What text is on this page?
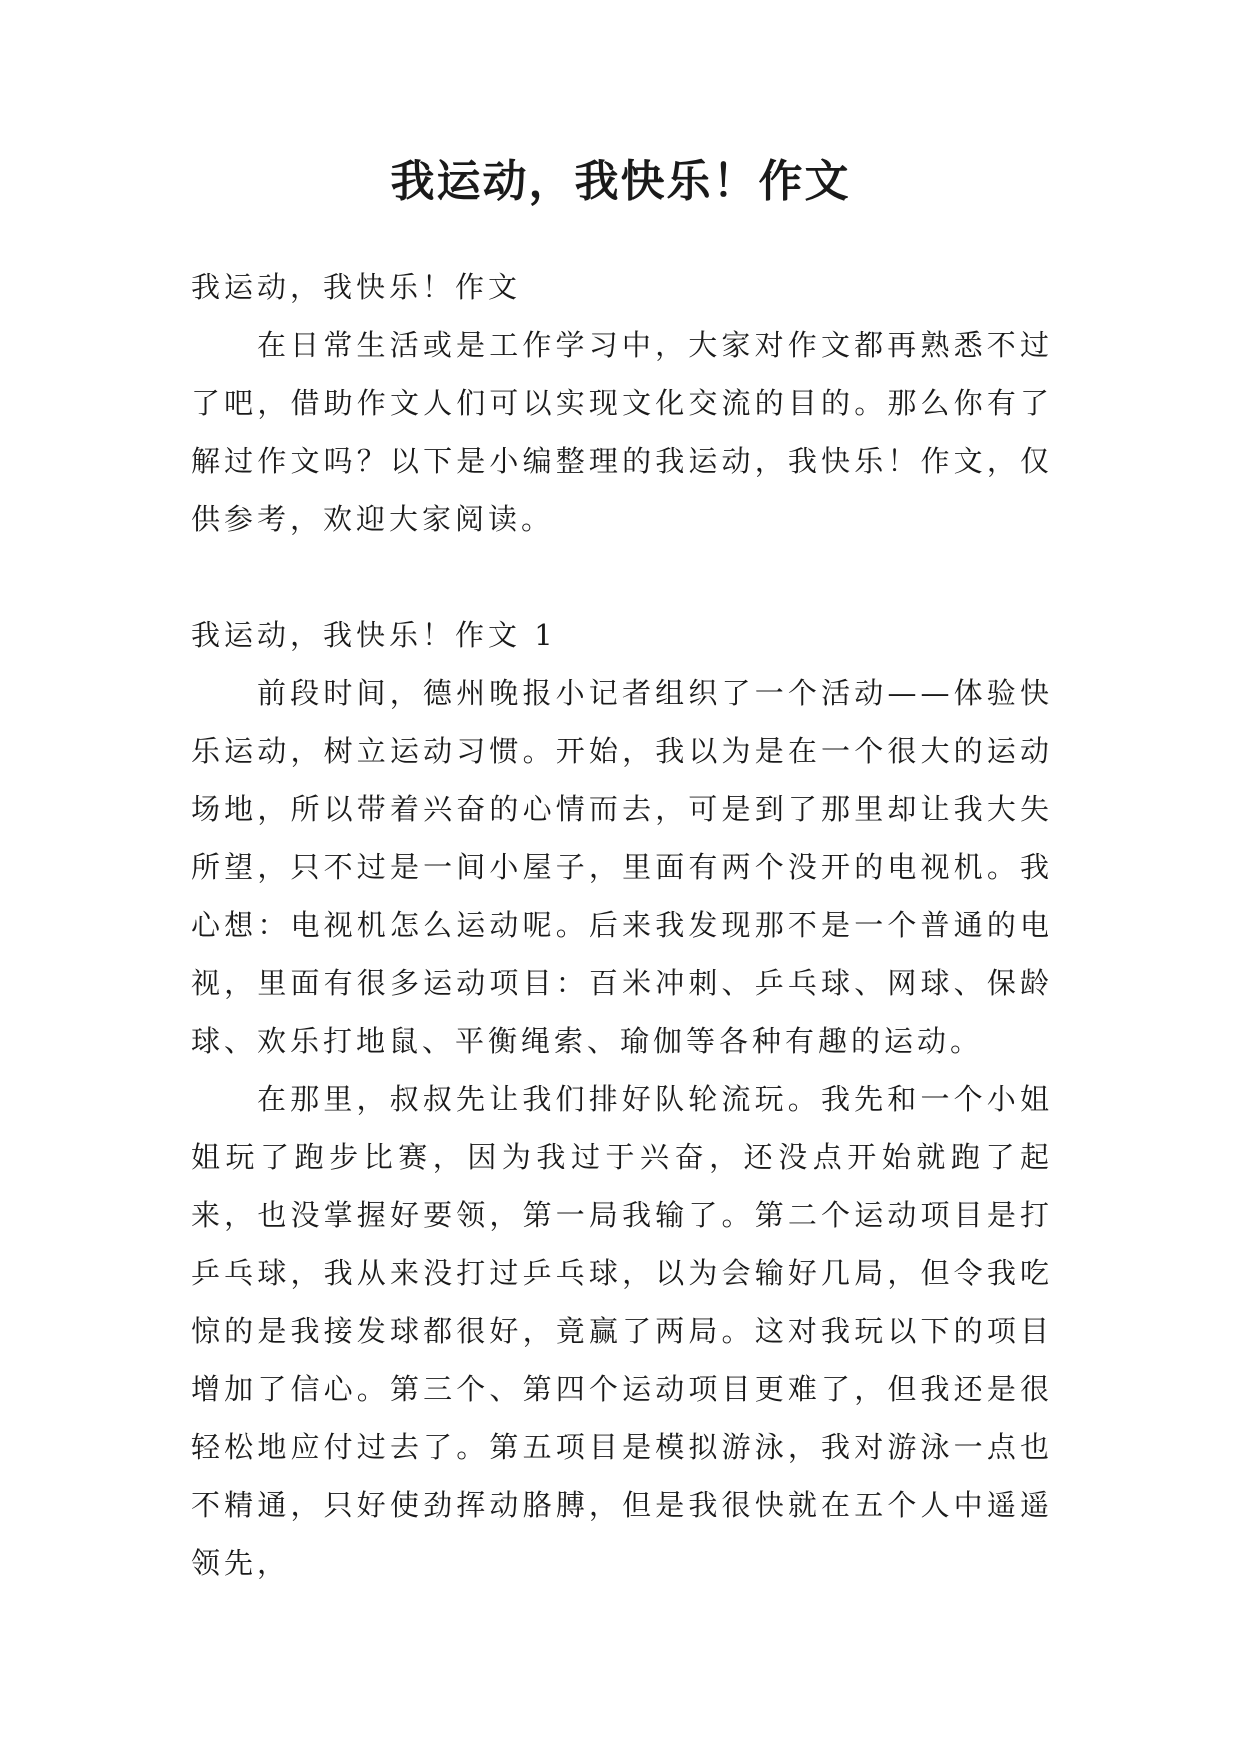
我运动，我快乐！作文

我运动，我快乐！作文

在日常生活或是工作学习中，大家对作文都再熟悉不过了吧，借助作文人们可以实现文化交流的目的。那么你有了解过作文吗？以下是小编整理的我运动，我快乐！作文，仅供参考，欢迎大家阅读。

我运动，我快乐！作文 1

前段时间，德州晚报小记者组织了一个活动——体验快乐运动，树立运动习惯。开始，我以为是在一个很大的运动场地，所以带着兴奋的心情而去，可是到了那里却让我大失所望，只不过是一间小屋子，里面有两个没开的电视机。我心想：电视机怎么运动呢。后来我发现那不是一个普通的电视，里面有很多运动项目：百米冲刺、乒乓球、网球、保龄球、欢乐打地鼠、平衡绳索、瑜伽等各种有趣的运动。

在那里，叔叔先让我们排好队轮流玩。我先和一个小姐姐玩了跑步比赛，因为我过于兴奋，还没点开始就跑了起来，也没掌握好要领，第一局我输了。第二个运动项目是打乒乓球，我从来没打过乒乓球，以为会输好几局，但令我吃惊的是我接发球都很好，竟赢了两局。这对我玩以下的项目增加了信心。第三个、第四个运动项目更难了，但我还是很轻松地应付过去了。第五项目是模拟游泳，我对游泳一点也不精通，只好使劲挥动胳膊，但是我很快就在五个人中遥遥领先，
